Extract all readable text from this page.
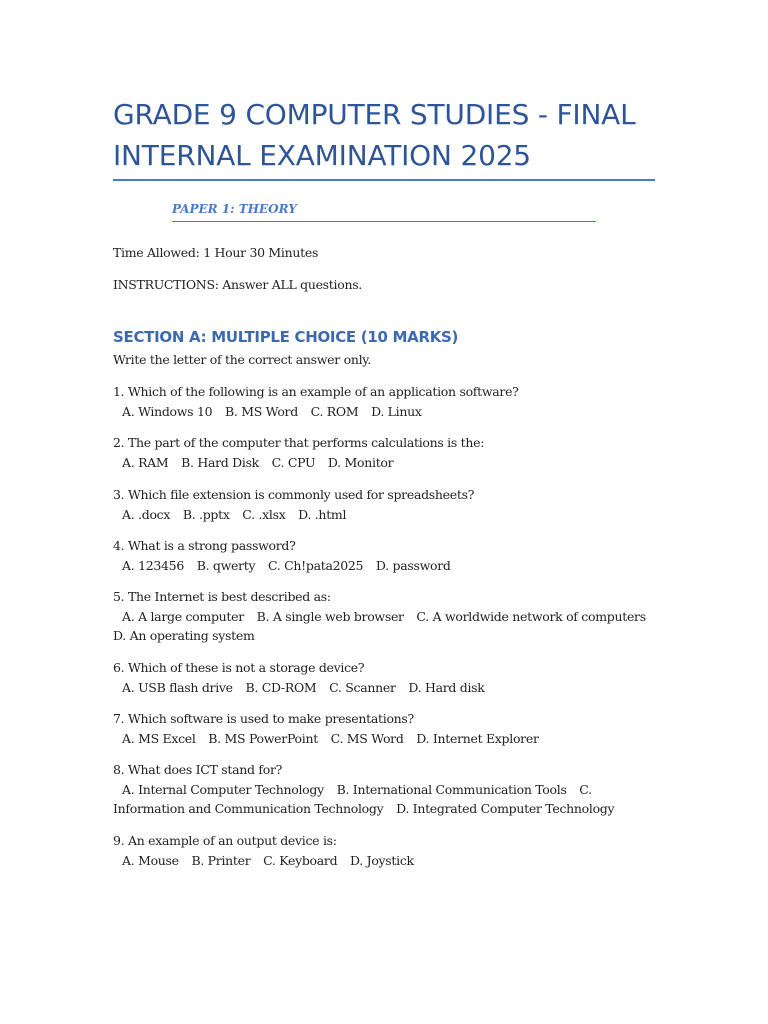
GRADE 9 COMPUTER STUDIES - FINAL INTERNAL EXAMINATION 2025
PAPER 1: THEORY

Time Allowed: 1 Hour 30 Minutes

INSTRUCTIONS: Answer ALL questions.

SECTION A: MULTIPLE CHOICE (10 MARKS)

Write the letter of the correct answer only.

1. Which of the following is an example of an application software?
A. Windows 10 B. MS Word C. ROM D. Linux
2. The part of the computer that performs calculations is the:
A. RAM B. Hard Disk C. CPU D. Monitor
3. Which file extension is commonly used for spreadsheets?
A. .docx B. .pptx C. .xlsx D. .html
4. What is a strong password?
A. 123456 B. qwerty C. Ch!pata2025 D. password
5. The Internet is best described as:
A. A large computer B. A single web browser C. A worldwide network of computers
D. An operating system
6. Which of these is not a storage device?
A. USB flash drive B. CD-ROM C. Scanner D. Hard disk
7. Which software is used to make presentations?
A. MS Excel B. MS PowerPoint C. MS Word D. Internet Explorer
8. What does ICT stand for?
A. Internal Computer Technology B. International Communication Tools C. Information and Communication Technology D. Integrated Computer Technology
9. An example of an output device is:
A. Mouse B. Printer C. Keyboard D. Joystick
